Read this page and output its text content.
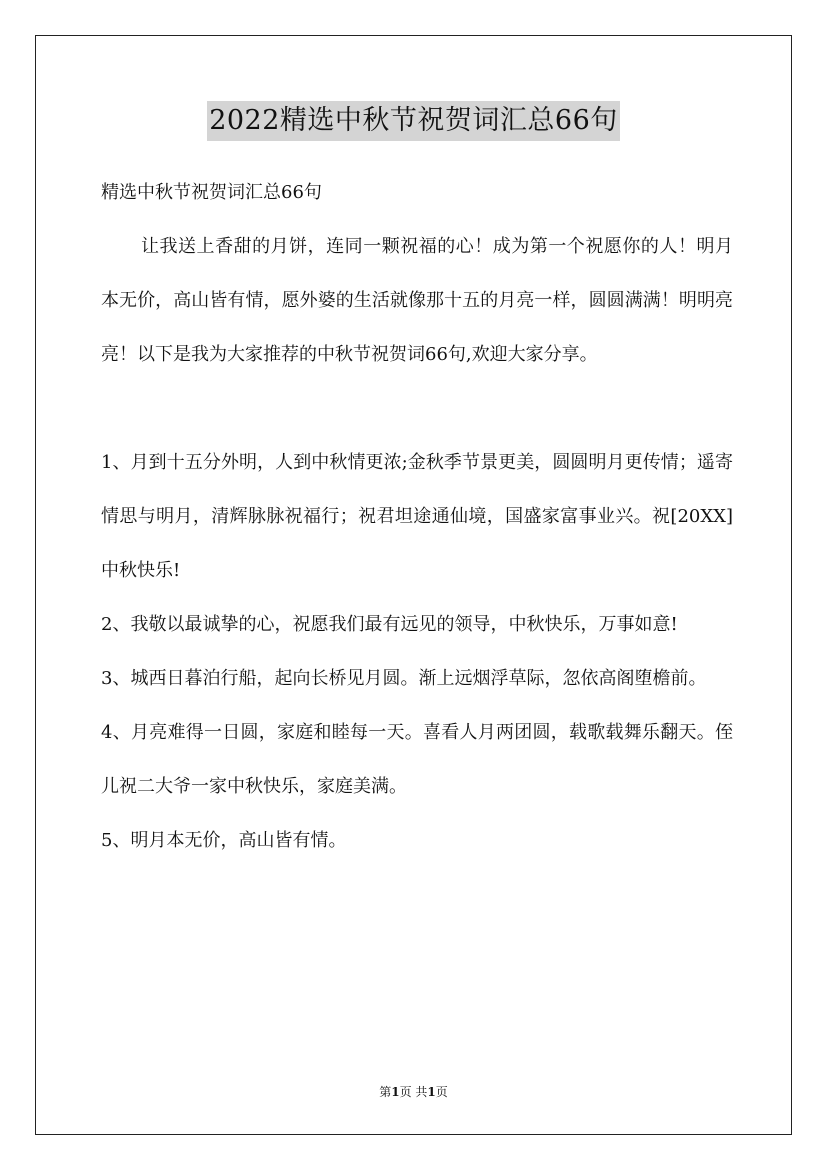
2022精选中秋节祝贺词汇总66句

精选中秋节祝贺词汇总66句

让我送上香甜的月饼，连同一颗祝福的心！成为第一个祝愿你的人！明月本无价，高山皆有情，愿外婆的生活就像那十五的月亮一样，圆圆满满！明明亮亮！以下是我为大家推荐的中秋节祝贺词66句,欢迎大家分享。

1、月到十五分外明，人到中秋情更浓;金秋季节景更美，圆圆明月更传情；遥寄情思与明月，清辉脉脉祝福行；祝君坦途通仙境，国盛家富事业兴。祝[20XX]中秋快乐!

2、我敬以最诚挚的心，祝愿我们最有远见的领导，中秋快乐，万事如意!

3、城西日暮泊行船，起向长桥见月圆。渐上远烟浮草际，忽依高阁堕檐前。

4、月亮难得一日圆，家庭和睦每一天。喜看人月两团圆，载歌载舞乐翻天。侄儿祝二大爷一家中秋快乐，家庭美满。

5、明月本无价，高山皆有情。

第1页 共1页
